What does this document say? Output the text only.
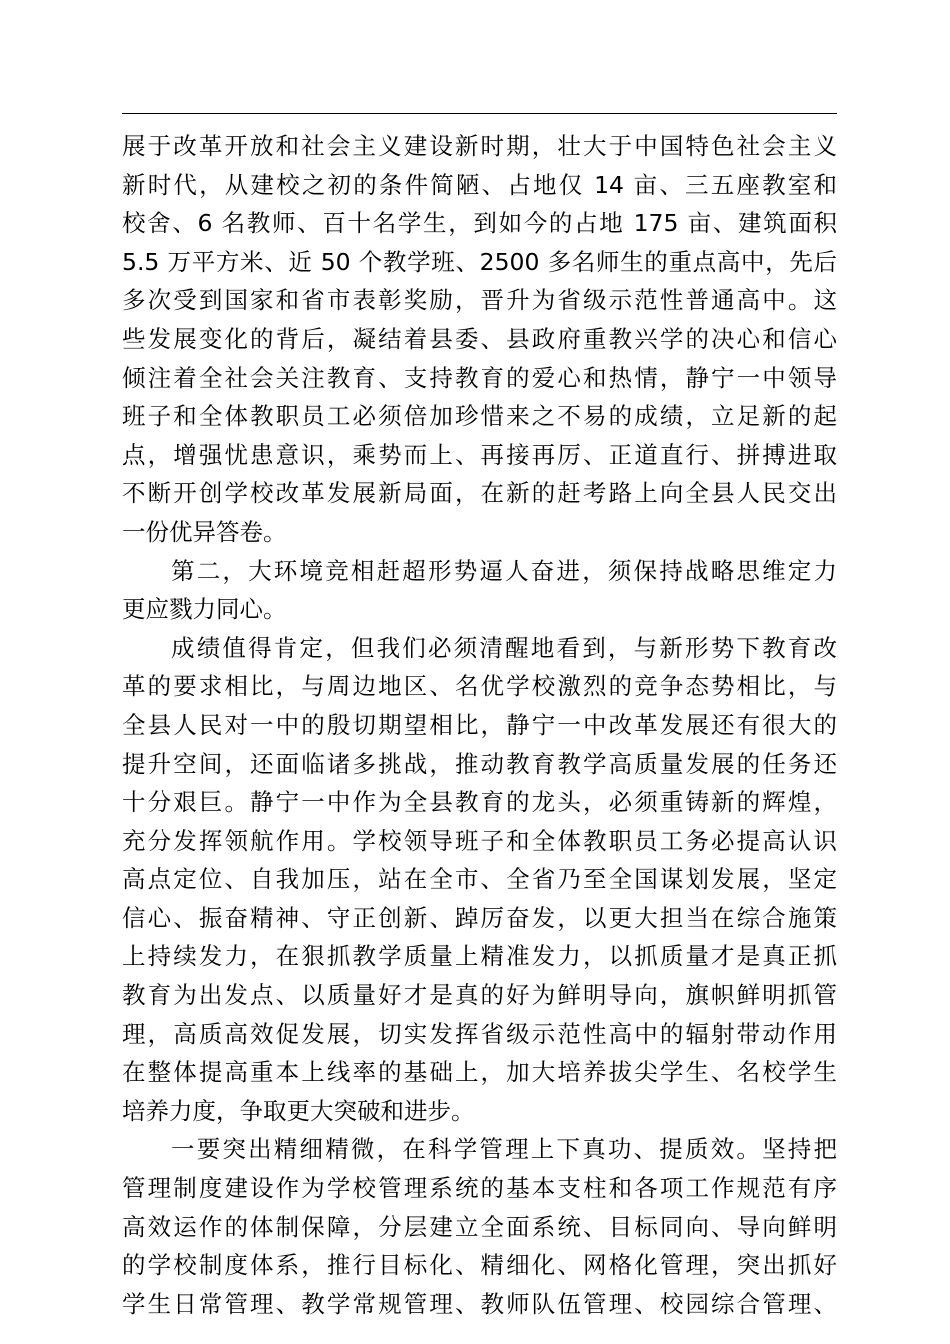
展于改革开放和社会主义建设新时期，壮大于中国特色社会主义
新时代，从建校之初的条件简陋、占地仅 14 亩、三五座教室和
校舍、6 名教师、百十名学生，到如今的占地 175 亩、建筑面积
5.5 万平方米、近 50 个教学班、2500 多名师生的重点高中，先后
多次受到国家和省市表彰奖励，晋升为省级示范性普通高中。这
些发展变化的背后，凝结着县委、县政府重教兴学的决心和信心
倾注着全社会关注教育、支持教育的爱心和热情，静宁一中领导
班子和全体教职员工必须倍加珍惜来之不易的成绩，立足新的起
点，增强忧患意识，乘势而上、再接再厉、正道直行、拼搏进取
不断开创学校改革发展新局面，在新的赶考路上向全县人民交出
一份优异答卷。
第二，大环境竞相赶超形势逼人奋进，须保持战略思维定力
更应戮力同心。
成绩值得肯定，但我们必须清醒地看到，与新形势下教育改
革的要求相比，与周边地区、名优学校激烈的竞争态势相比，与
全县人民对一中的殷切期望相比，静宁一中改革发展还有很大的
提升空间，还面临诸多挑战，推动教育教学高质量发展的任务还
十分艰巨。静宁一中作为全县教育的龙头，必须重铸新的辉煌，
充分发挥领航作用。学校领导班子和全体教职员工务必提高认识
高点定位、自我加压，站在全市、全省乃至全国谋划发展，坚定
信心、振奋精神、守正创新、踔厉奋发，以更大担当在综合施策
上持续发力，在狠抓教学质量上精准发力，以抓质量才是真正抓
教育为出发点、以质量好才是真的好为鲜明导向，旗帜鲜明抓管
理，高质高效促发展，切实发挥省级示范性高中的辐射带动作用
在整体提高重本上线率的基础上，加大培养拔尖学生、名校学生
培养力度，争取更大突破和进步。
一要突出精细精微，在科学管理上下真功、提质效。坚持把
管理制度建设作为学校管理系统的基本支柱和各项工作规范有序
高效运作的体制保障，分层建立全面系统、目标同向、导向鲜明
的学校制度体系，推行目标化、精细化、网格化管理，突出抓好
学生日常管理、教学常规管理、教师队伍管理、校园综合管理、
